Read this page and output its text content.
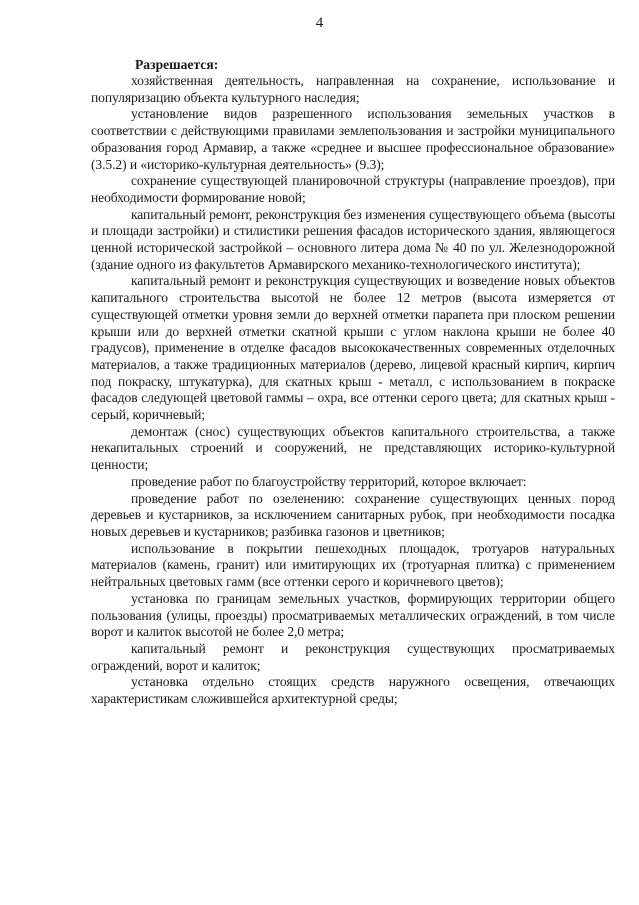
4

Разрешается:

хозяйственная деятельность, направленная на сохранение, использование и популяризацию объекта культурного наследия;

установление видов разрешенного использования земельных участков в соответствии с действующими правилами землепользования и застройки муниципального образования город Армавир, а также «среднее и высшее профессиональное образование» (3.5.2) и «историко-культурная деятельность» (9.3);

сохранение существующей планировочной структуры (направление проездов), при необходимости формирование новой;

капитальный ремонт, реконструкция без изменения существующего объема (высоты и площади застройки) и стилистики решения фасадов исторического здания, являющегося ценной исторической застройкой – основного литера дома № 40 по ул. Железнодорожной (здание одного из факультетов Армавирского механико-технологического института);

капитальный ремонт и реконструкция существующих и возведение новых объектов капитального строительства высотой не более 12 метров (высота измеряется от существующей отметки уровня земли до верхней отметки парапета при плоском решении крыши или до верхней отметки скатной крыши с углом наклона крыши не более 40 градусов), применение в отделке фасадов высококачественных современных отделочных материалов, а также традиционных материалов (дерево, лицевой красный кирпич, кирпич под покраску, штукатурка), для скатных крыш - металл, с использованием в покраске фасадов следующей цветовой гаммы – охра, все оттенки серого цвета; для скатных крыш - серый, коричневый;

демонтаж (снос) существующих объектов капитального строительства, а также некапитальных строений и сооружений, не представляющих историко-культурной ценности;

проведение работ по благоустройству территорий, которое включает:

проведение работ по озеленению: сохранение существующих ценных пород деревьев и кустарников, за исключением санитарных рубок, при необходимости посадка новых деревьев и кустарников; разбивка газонов и цветников;

использование в покрытии пешеходных площадок, тротуаров натуральных материалов (камень, гранит) или имитирующих их (тротуарная плитка) с применением нейтральных цветовых гамм (все оттенки серого и коричневого цветов);

установка по границам земельных участков, формирующих территории общего пользования (улицы, проезды) просматриваемых металлических ограждений, в том числе ворот и калиток высотой не более 2,0 метра;

капитальный ремонт и реконструкция существующих просматриваемых ограждений, ворот и калиток;

установка отдельно стоящих средств наружного освещения, отвечающих характеристикам сложившейся архитектурной среды;
